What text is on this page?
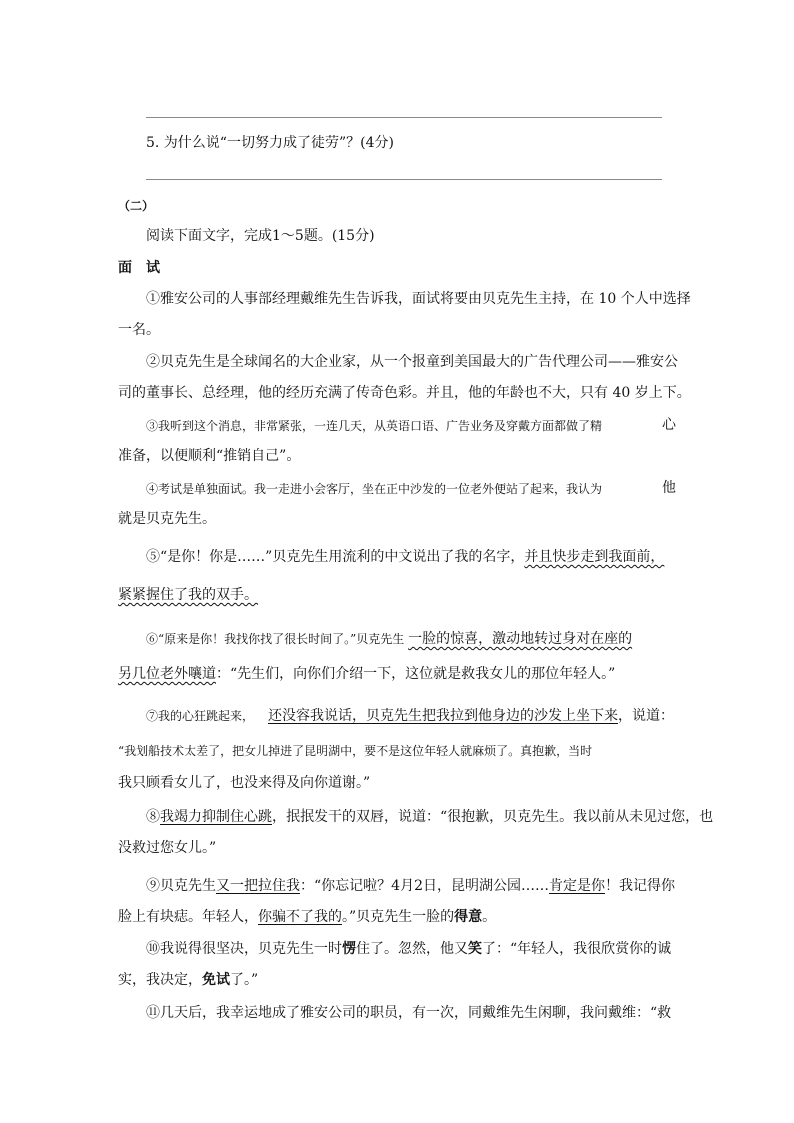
5. 为什么说“一切努力成了徒劳”？(4分)
（二）
阅读下面文字，完成1～5题。(15分)
面　试
①雅安公司的人事部经理戴维先生告诉我，面试将要由贝克先生主持，在 10 个人中选择
一名。
②贝克先生是全球闻名的大企业家，从一个报童到美国最大的广告代理公司——雅安公
司的董事长、总经理，他的经历充满了传奇色彩。并且，他的年龄也不大，只有 40 岁上下。
③我听到这个消息，非常紧张，一连几天，从英语口语、广告业务及穿戴方面都做了精	心
准备，以便顺利“推销自己”。
④考试是单独面试。我一走进小会客厅，坐在正中沙发的一位老外便站了起来，我认为	他
就是贝克先生。
⑤“是你！你是……”贝克先生用流利的中文说出了我的名字，并且快步走到我面前，
紧紧握住了我的双手。
⑥“原来是你！我找你找了很长时间了。”贝克先生 一脸的惊喜，激动地转过身对在座的
另几位老外嚷道：“先生们，向你们介绍一下，这位就是救我女儿的那位年轻人。”
⑦我的心狂跳起来， 还没容我说话，贝克先生把我拉到他身边的沙发上坐下来，说道：
“我划船技术太差了，把女儿掉进了昆明湖中，要不是这位年轻人就麻烦了。真抱歉，当时
我只顾看女儿了，也没来得及向你道谢。”
⑧我竭力抑制住心跳，抿抿发干的双唇，说道：“很抱歉，贝克先生。我以前从未见过您，也
没救过您女儿。”
⑨贝克先生又一把拉住我：“你忘记啦？4月2日，昆明湖公园……肯定是你！我记得你
脸上有块痣。年轻人，你骗不了我的。”贝克先生一脸的得意。
⑩我说得很坚决，贝克先生一时愣住了。忽然，他又笑了：“年轻人，我很欣赏你的诚
实，我决定，免试了。”
⑪几天后，我幸运地成了雅安公司的职员，有一次，同戴维先生闲聊，我问戴维：“救
